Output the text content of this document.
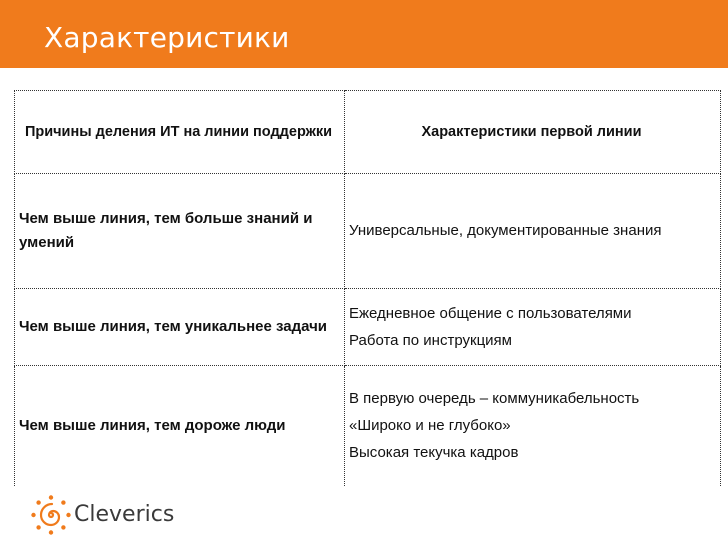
Характеристики
Причины деления ИТ на линии поддержки	Характеристики первой линии
Чем выше линия, тем больше знаний и умений	Универсальные, документированные знания

Чем выше линия, тем уникальнее задачи	Ежедневное общение с пользователями
Работа по инструкциям

Чем выше линия, тем дороже люди	В первую очередь – коммуникабельность
«Широко и не глубоко»
Высокая текучка кадров
Cleverics
